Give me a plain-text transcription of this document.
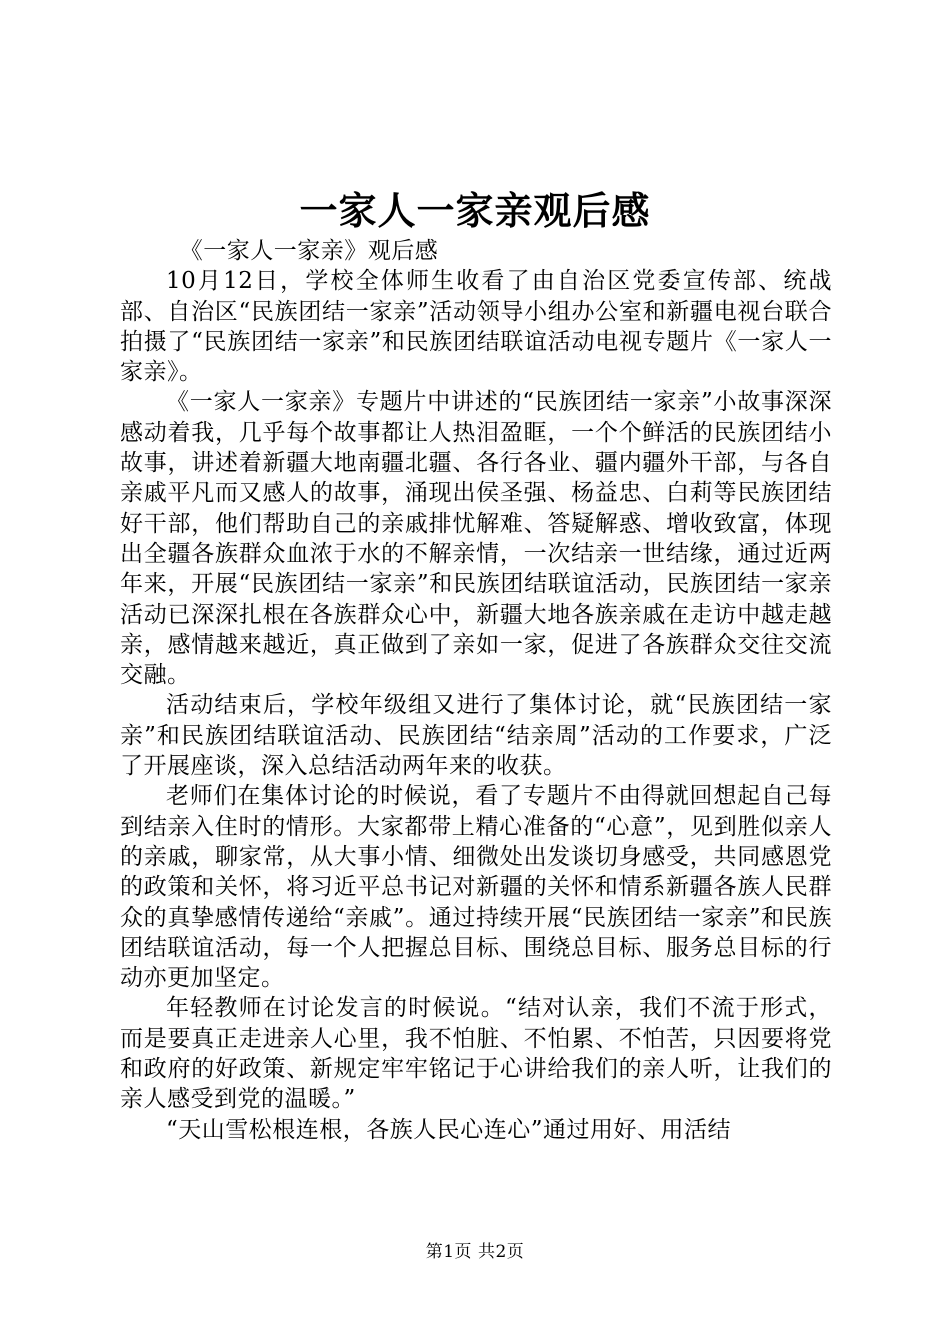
一家人一家亲观后感

《一家人一家亲》观后感

10月12日，学校全体师生收看了由自治区党委宣传部、统战部、自治区“民族团结一家亲”活动领导小组办公室和新疆电视台联合拍摄了“民族团结一家亲”和民族团结联谊活动电视专题片《一家人一家亲》。

《一家人一家亲》专题片中讲述的“民族团结一家亲”小故事深深感动着我，几乎每个故事都让人热泪盈眶，一个个鲜活的民族团结小故事，讲述着新疆大地南疆北疆、各行各业、疆内疆外干部，与各自亲戚平凡而又感人的故事，涌现出侯圣强、杨益忠、白莉等民族团结好干部，他们帮助自己的亲戚排忧解难、答疑解惑、增收致富，体现出全疆各族群众血浓于水的不解亲情，一次结亲一世结缘，通过近两年来，开展“民族团结一家亲”和民族团结联谊活动，民族团结一家亲活动已深深扎根在各族群众心中，新疆大地各族亲戚在走访中越走越亲，感情越来越近，真正做到了亲如一家，促进了各族群众交往交流交融。

活动结束后，学校年级组又进行了集体讨论，就“民族团结一家亲”和民族团结联谊活动、民族团结“结亲周”活动的工作要求，广泛了开展座谈，深入总结活动两年来的收获。

老师们在集体讨论的时候说，看了专题片不由得就回想起自己每到结亲入住时的情形。大家都带上精心准备的“心意”，见到胜似亲人的亲戚，聊家常，从大事小情、细微处出发谈切身感受，共同感恩党的政策和关怀，将习近平总书记对新疆的关怀和情系新疆各族人民群众的真挚感情传递给“亲戚”。通过持续开展“民族团结一家亲”和民族团结联谊活动，每一个人把握总目标、围绕总目标、服务总目标的行动亦更加坚定。

年轻教师在讨论发言的时候说。“结对认亲，我们不流于形式，而是要真正走进亲人心里，我不怕脏、不怕累、不怕苦，只因要将党和政府的好政策、新规定牢牢铭记于心讲给我们的亲人听，让我们的亲人感受到党的温暖。”

“天山雪松根连根，各族人民心连心”通过用好、用活结

第1页 共2页
